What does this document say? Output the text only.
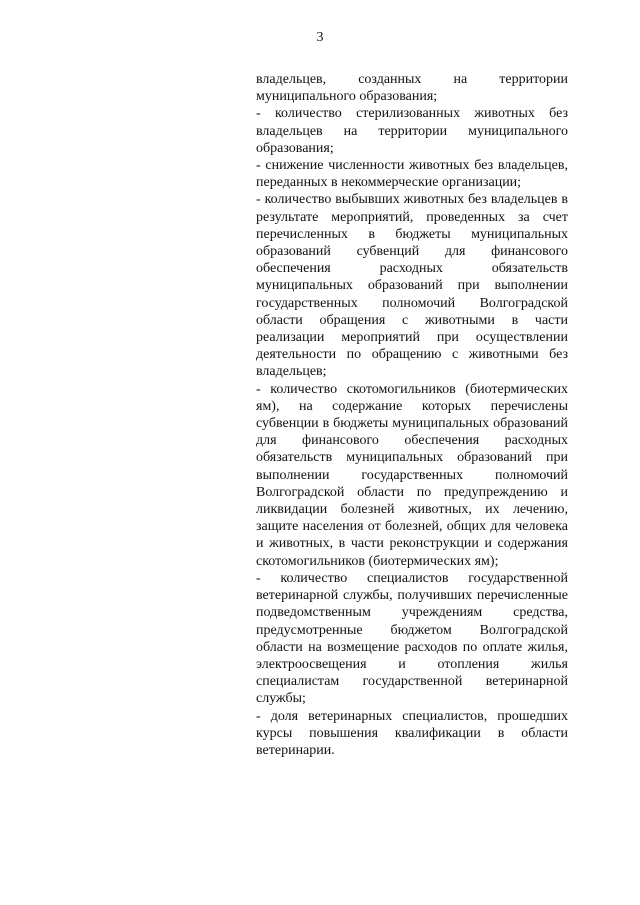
3

владельцев, созданных на территории муниципального образования;

- количество стерилизованных животных без владельцев на территории муниципального образования;

- снижение численности животных без владельцев, переданных в некоммерческие организации;

- количество выбывших животных без владельцев в результате мероприятий, проведенных за счет перечисленных в бюджеты муниципальных образований субвенций для финансового обеспечения расходных обязательств муниципальных образований при выполнении государственных полномочий Волгоградской области обращения с животными в части реализации мероприятий при осуществлении деятельности по обращению с животными без владельцев;

- количество скотомогильников (биотермических ям), на содержание которых перечислены субвенции в бюджеты муниципальных образований для финансового обеспечения расходных обязательств муниципальных образований при выполнении государственных полномочий Волгоградской области по предупреждению и ликвидации болезней животных, их лечению, защите населения от болезней, общих для человека и животных, в части реконструкции и содержания скотомогильников (биотермических ям);

- количество специалистов государственной ветеринарной службы, получивших перечисленные подведомственным учреждениям средства, предусмотренные бюджетом Волгоградской области на возмещение расходов по оплате жилья, электроосвещения и отопления жилья специалистам государственной ветеринарной службы;

- доля ветеринарных специалистов, прошедших курсы повышения квалификации в области ветеринарии.
